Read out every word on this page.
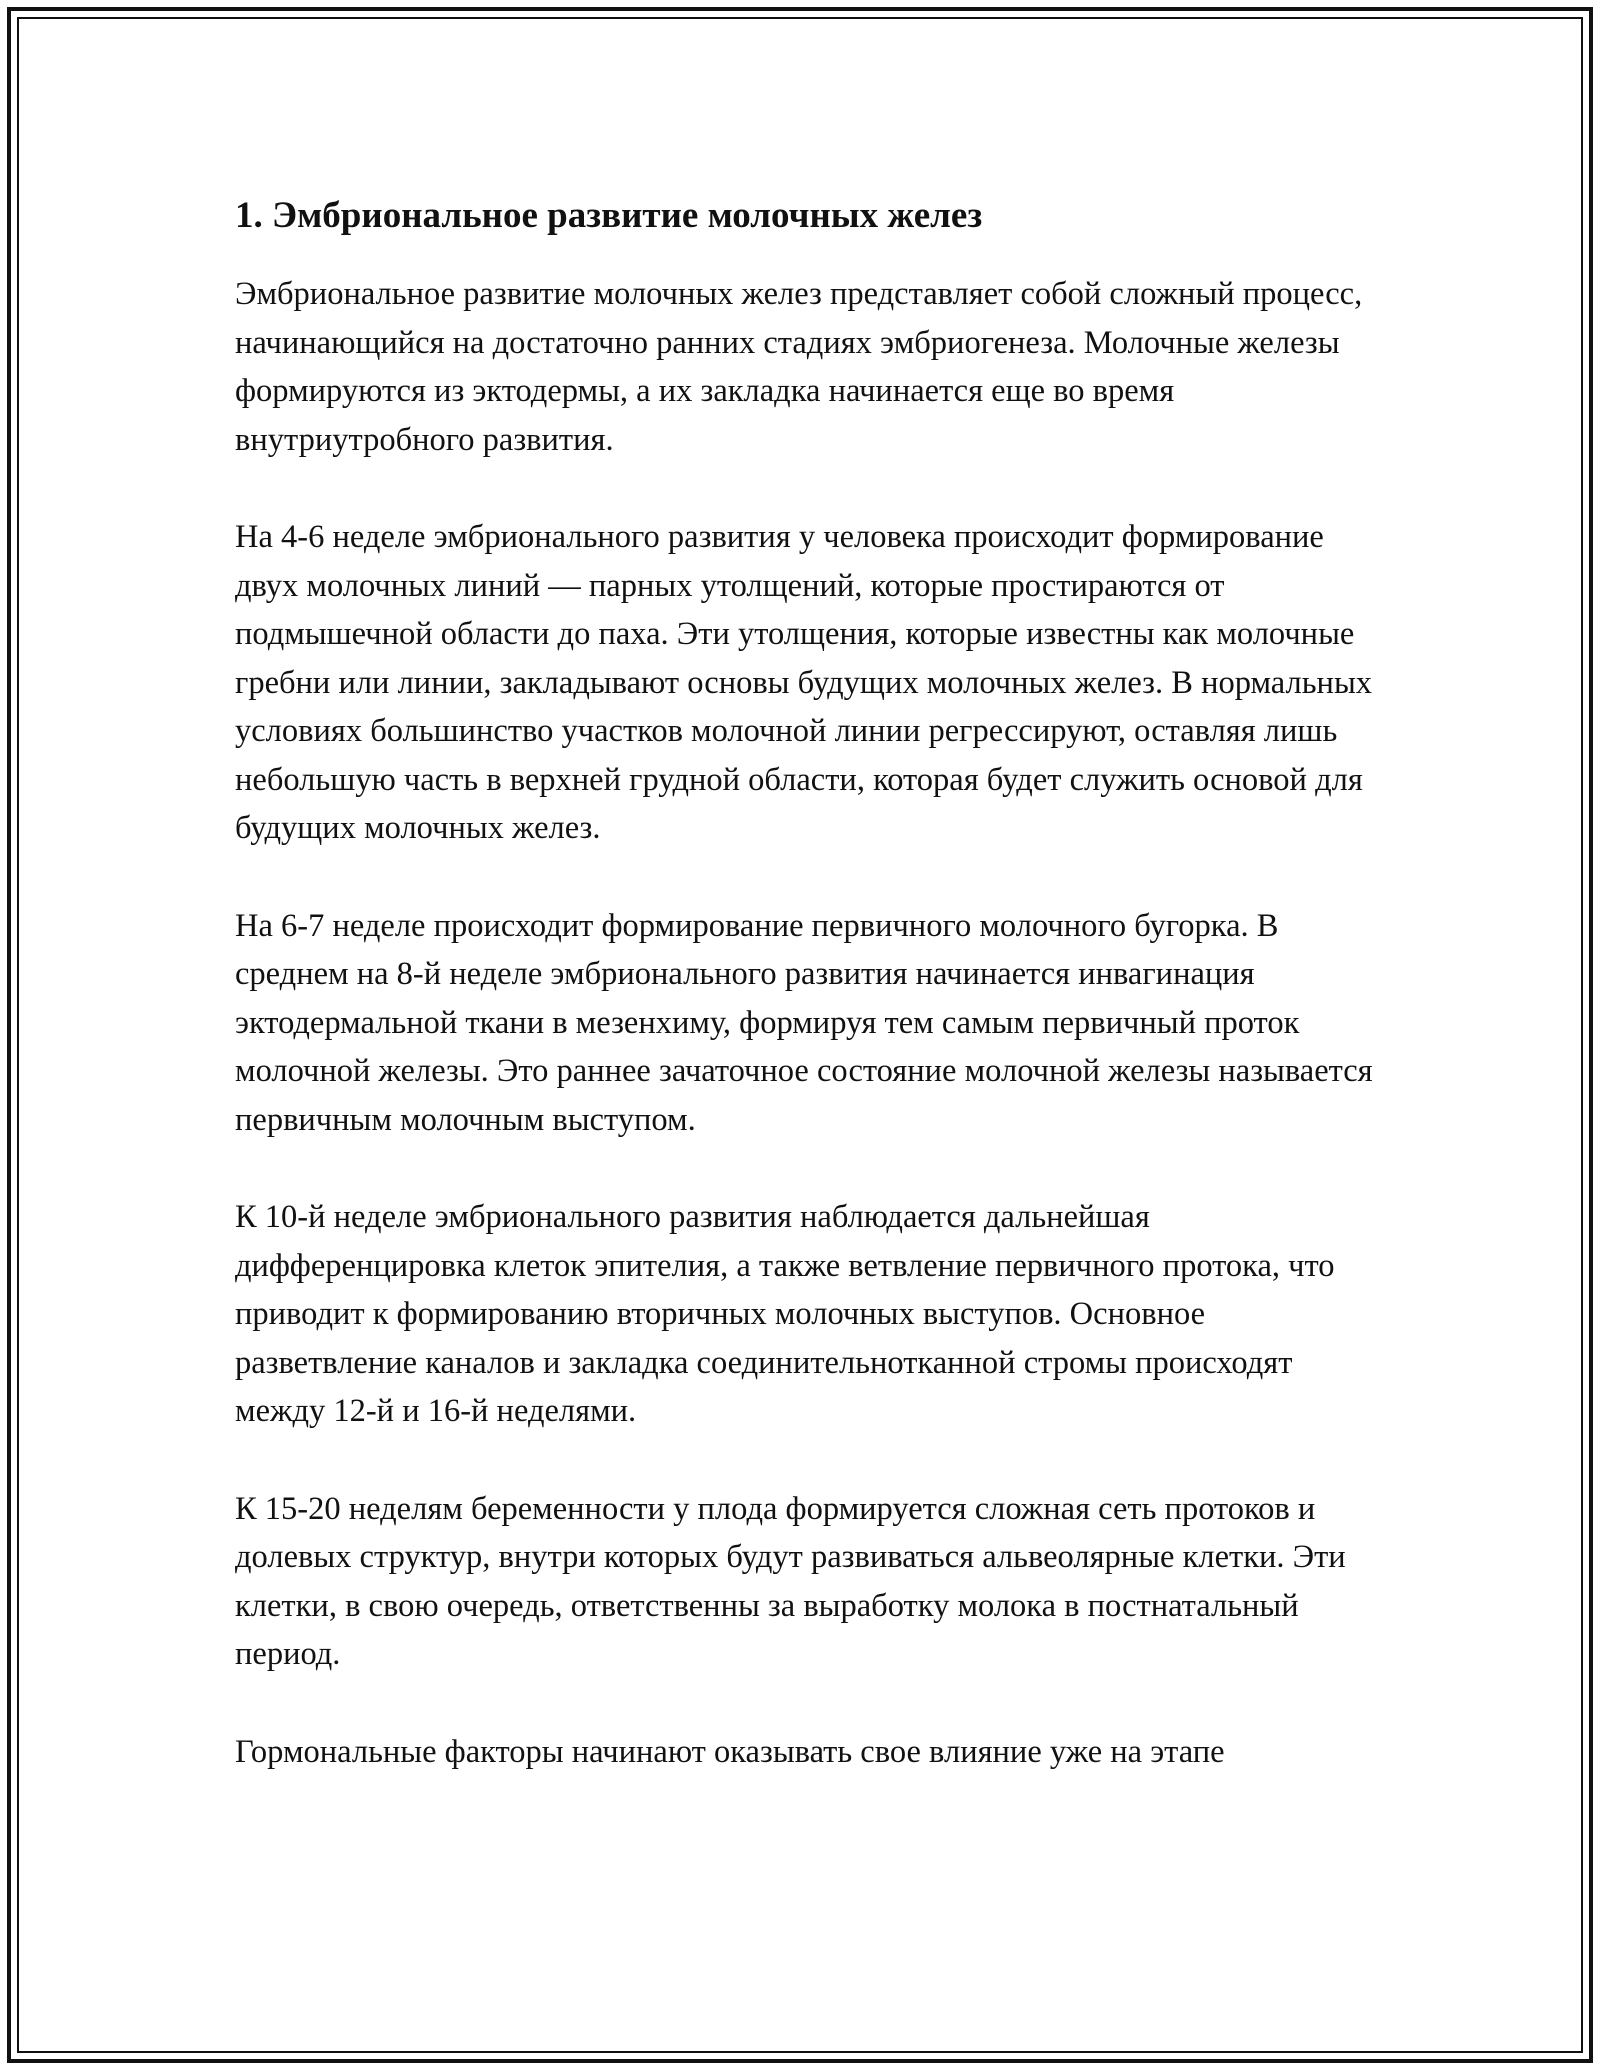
1. Эмбриональное развитие молочных желез

Эмбриональное развитие молочных желез представляет собой сложный процесс, начинающийся на достаточно ранних стадиях эмбриогенеза. Молочные железы формируются из эктодермы, а их закладка начинается еще во время внутриутробного развития.

На 4-6 неделе эмбрионального развития у человека происходит формирование двух молочных линий — парных утолщений, которые простираются от подмышечной области до паха. Эти утолщения, которые известны как молочные гребни или линии, закладывают основы будущих молочных желез. В нормальных условиях большинство участков молочной линии регрессируют, оставляя лишь небольшую часть в верхней грудной области, которая будет служить основой для будущих молочных желез.

На 6-7 неделе происходит формирование первичного молочного бугорка. В среднем на 8-й неделе эмбрионального развития начинается инвагинация эктодермальной ткани в мезенхиму, формируя тем самым первичный проток молочной железы. Это раннее зачаточное состояние молочной железы называется первичным молочным выступом.

К 10-й неделе эмбрионального развития наблюдается дальнейшая дифференцировка клеток эпителия, а также ветвление первичного протока, что приводит к формированию вторичных молочных выступов. Основное разветвление каналов и закладка соединительнотканной стромы происходят между 12-й и 16-й неделями.

К 15-20 неделям беременности у плода формируется сложная сеть протоков и долевых структур, внутри которых будут развиваться альвеолярные клетки. Эти клетки, в свою очередь, ответственны за выработку молока в постнатальный период.

Гормональные факторы начинают оказывать свое влияние уже на этапе
